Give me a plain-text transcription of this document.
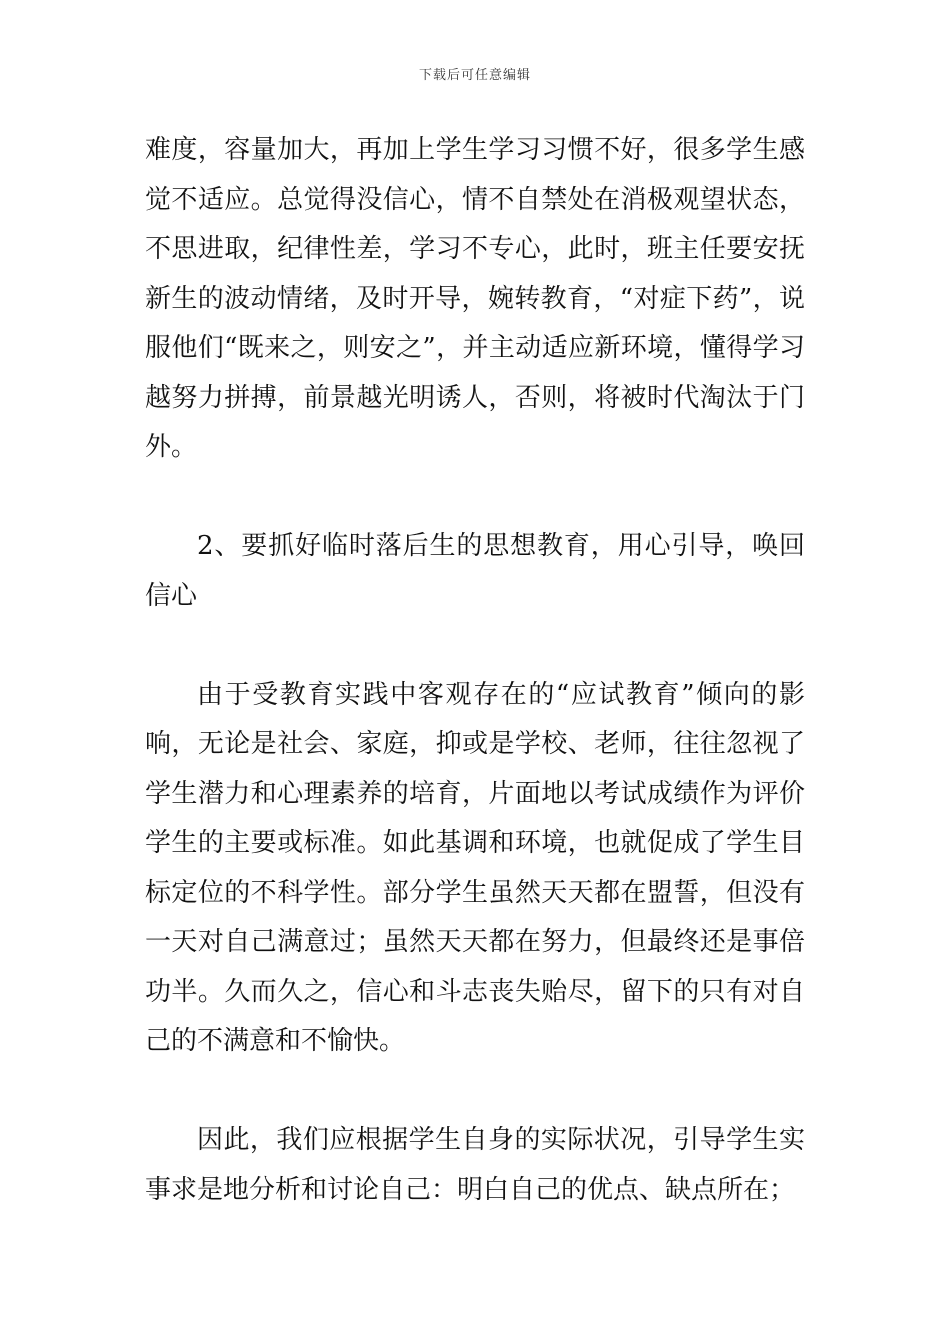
下载后可任意编辑

难度，容量加大，再加上学生学习习惯不好，很多学生感觉不适应。总觉得没信心，情不自禁处在消极观望状态，不思进取，纪律性差，学习不专心，此时，班主任要安抚新生的波动情绪，及时开导，婉转教育，“对症下药”，说服他们“既来之，则安之”，并主动适应新环境，懂得学习越努力拼搏，前景越光明诱人，否则，将被时代淘汰于门外。

2、要抓好临时落后生的思想教育，用心引导，唤回信心

由于受教育实践中客观存在的“应试教育”倾向的影响，无论是社会、家庭，抑或是学校、老师，往往忽视了学生潜力和心理素养的培育，片面地以考试成绩作为评价学生的主要或标准。如此基调和环境，也就促成了学生目标定位的不科学性。部分学生虽然天天都在盟誓，但没有一天对自己满意过；虽然天天都在努力，但最终还是事倍功半。久而久之，信心和斗志丧失贻尽，留下的只有对自己的不满意和不愉快。

因此，我们应根据学生自身的实际状况，引导学生实事求是地分析和讨论自己：明白自己的优点、缺点所在；
